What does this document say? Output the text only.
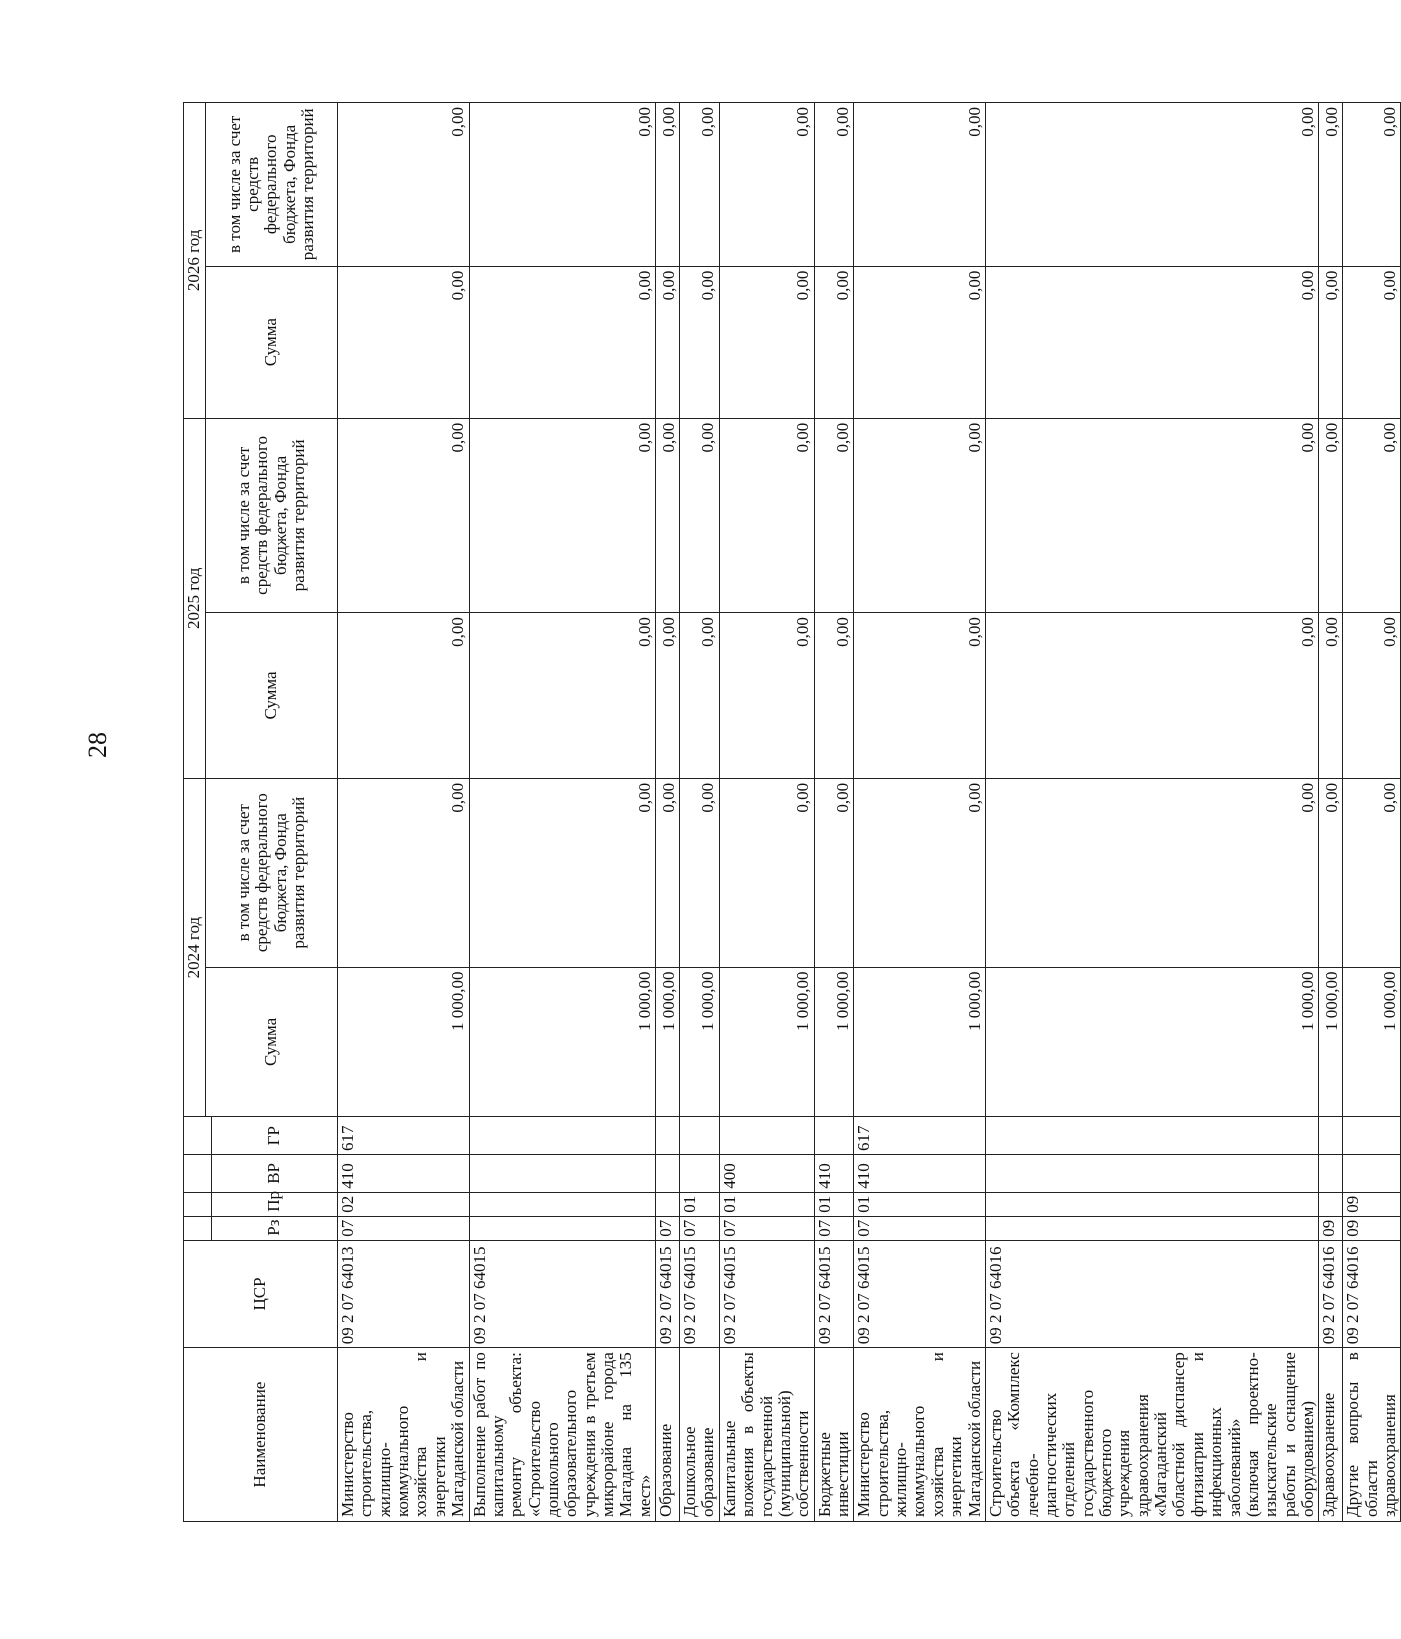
28
Наименование	ЦСР					2024 год		2025 год		2026 год	
						Сумма	в том числе за счет средств федерального бюджета, Фонда развития территорий	Сумма	в том числе за счет средств федерального бюджета, Фонда развития территорий	Сумма	в том числе за счет средств федерального бюджета, Фонда развития территорий
		Рз	Пр	ВР	ГР						
Министерство строительства, жилищно-коммунального хозяйства и энергетики Магаданской области	09 2 07 64013	07	02	410	617	1 000,00	0,00	0,00	0,00	0,00	0,00
Выполнение работ по капитальному ремонту объекта: «Строительство дошкольного образовательного учреждения в третьем микрорайоне города Магадана на 135 мест»	09 2 07 64015					1 000,00	0,00	0,00	0,00	0,00	0,00
Образование	09 2 07 64015	07				1 000,00	0,00	0,00	0,00	0,00	0,00
Дошкольное образование	09 2 07 64015	07	01			1 000,00	0,00	0,00	0,00	0,00	0,00
Капитальные вложения в объекты государственной (муниципальной) собственности	09 2 07 64015	07	01	400		1 000,00	0,00	0,00	0,00	0,00	0,00
Бюджетные инвестиции	09 2 07 64015	07	01	410		1 000,00	0,00	0,00	0,00	0,00	0,00
Министерство строительства, жилищно-коммунального хозяйства и энергетики Магаданской области	09 2 07 64015	07	01	410	617	1 000,00	0,00	0,00	0,00	0,00	0,00
Строительство объекта «Комплекс лечебно-диагностических отделений государственного бюджетного учреждения здравоохранения «Магаданский областной диспансер фтизиатрии и инфекционных заболеваний» (включая проектно-изыскательские работы и оснащение оборудованием)	09 2 07 64016					1 000,00	0,00	0,00	0,00	0,00	0,00
Здравоохранение	09 2 07 64016	09				1 000,00	0,00	0,00	0,00	0,00	0,00
Другие вопросы в области здравоохранения	09 2 07 64016	09	09			1 000,00	0,00	0,00	0,00	0,00	0,00
